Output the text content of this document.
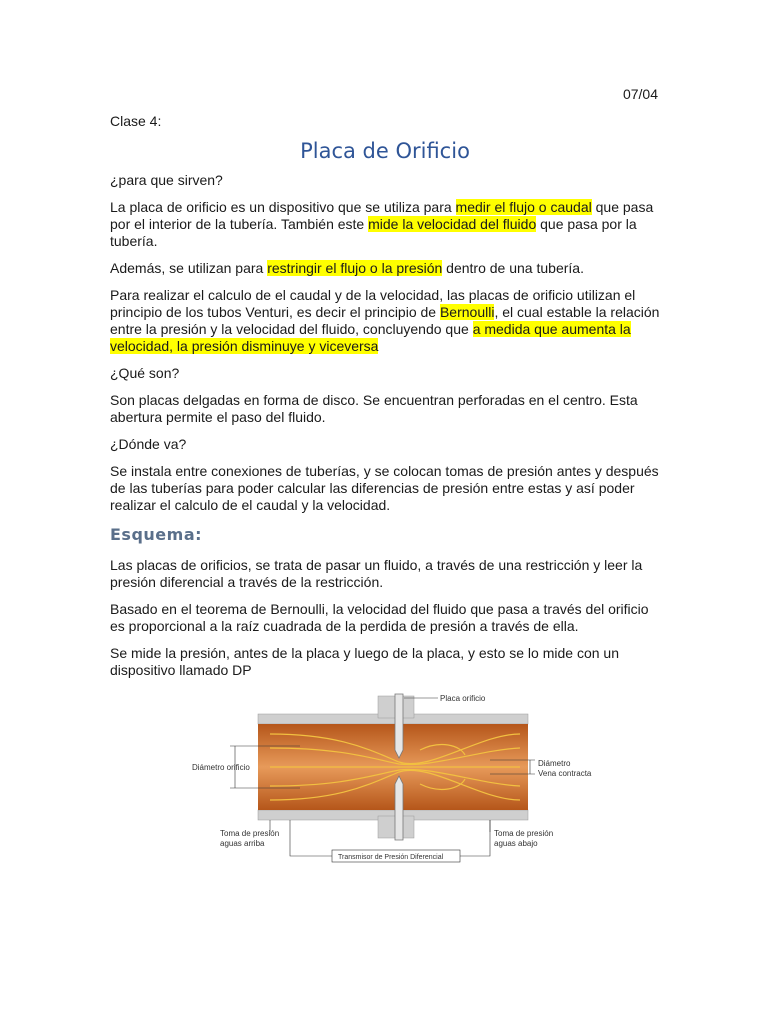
07/04
Clase 4:
Placa de Orificio

¿para que sirven?

La placa de orificio es un dispositivo que se utiliza para medir el flujo o caudal que pasa por el interior de la tubería. También este mide la velocidad del fluido que pasa por la tubería.

Además, se utilizan para restringir el flujo o la presión dentro de una tubería.

Para realizar el calculo de el caudal y de la velocidad, las placas de orificio utilizan el principio de los tubos Venturi, es decir el principio de Bernoulli, el cual estable la relación entre la presión y la velocidad del fluido, concluyendo que a medida que aumenta la velocidad, la presión disminuye y viceversa

¿Qué son?

Son placas delgadas en forma de disco. Se encuentran perforadas en el centro. Esta abertura permite el paso del fluido.

¿Dónde va?

Se instala entre conexiones de tuberías, y se colocan tomas de presión antes y después de las tuberías para poder calcular las diferencias de presión entre estas y así poder realizar el calculo de el caudal y la velocidad.

Esquema:

Las placas de orificios, se trata de pasar un fluido, a través de una restricción y leer la presión diferencial a través de la restricción.

Basado en el teorema de Bernoulli, la velocidad del fluido que pasa a través del orificio es proporcional a la raíz cuadrada de la perdida de presión a través de ella.

Se mide la presión, antes de la placa y luego de la placa, y esto se lo mide con un dispositivo llamado DP

Placa orificio
Diámetro orificio	Diámetro
Vena contracta
Toma de presión
aguas arriba
Toma de presión
aguas abajo
Transmisor de Presión Diferencial
